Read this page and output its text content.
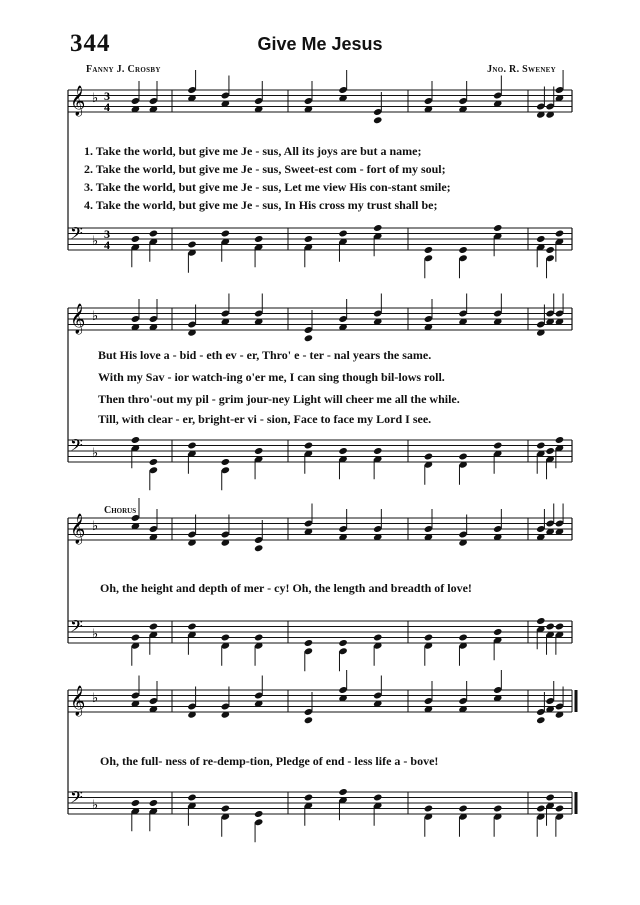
344	Give Me Jesus
Fanny J. Crosby	Jno. R. Sweney
𝄞 ♭
𝄢 ♭
𝄞 ♭
𝄢 ♭
𝄞 ♭
𝄢 ♭
𝄞 ♭
𝄢 ♭
3
4
3
4
1. Take the world, but give me Je - sus, All its joys are but a name;
2. Take the world, but give me Je - sus, Sweet-est com - fort of my soul;
3. Take the world, but give me Je - sus, Let me view His con-stant smile;
4. Take the world, but give me Je - sus, In His cross my trust shall be;
But His love a - bid - eth ev - er, Thro' e - ter - nal years the same.
With my Sav - ior watch-ing o'er me, I can sing though bil-lows roll.
Then thro'-out my pil - grim jour-ney Light will cheer me all the while.
Till, with clear - er, bright-er vi - sion, Face to face my Lord I see.
Chorus
Oh, the height and depth of mer - cy! Oh, the length and breadth of love!
Oh, the full- ness of re-demp-tion, Pledge of end - less life a - bove!
